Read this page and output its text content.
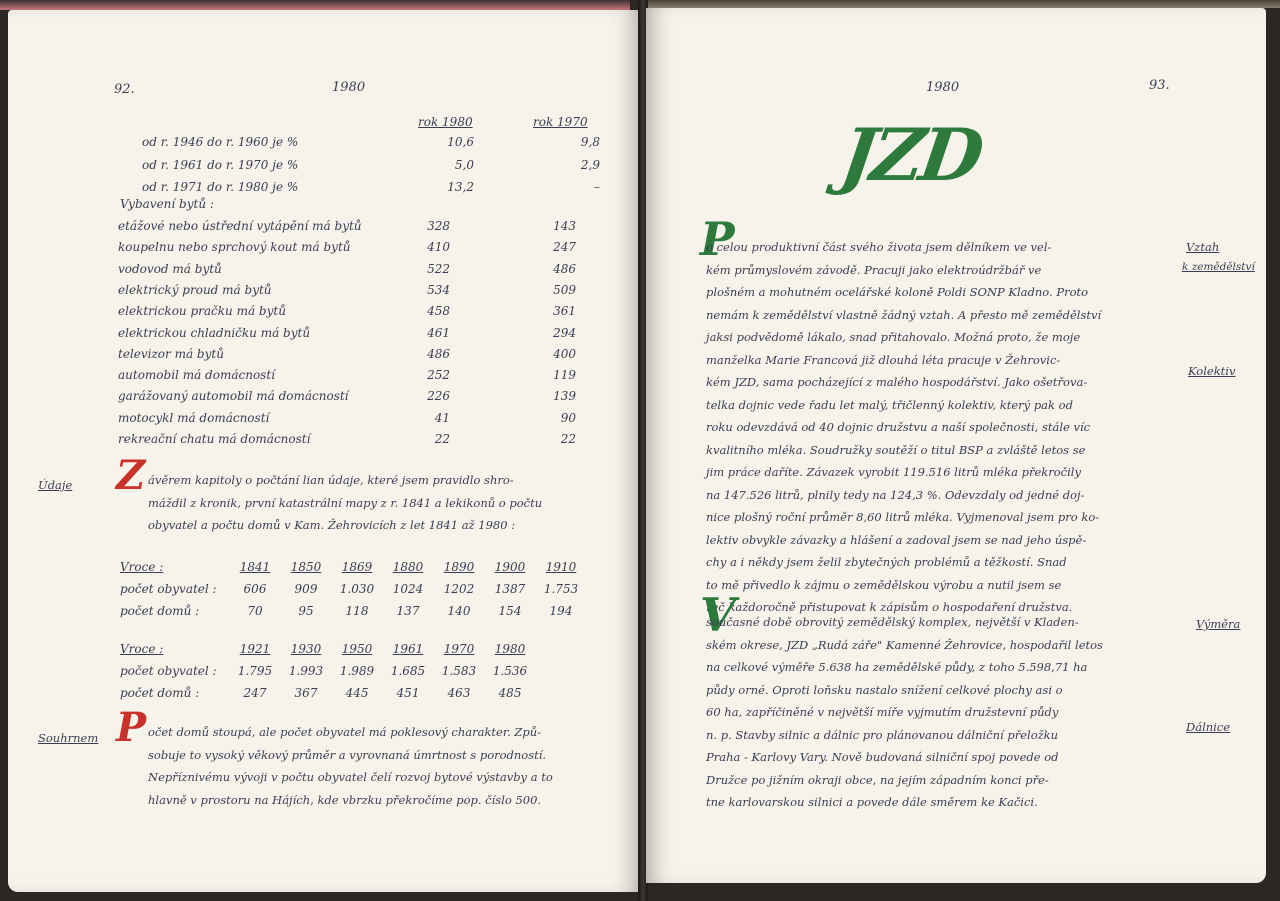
92.	1980
rok 1980	rok 1970
od r. 1946 do r. 1960 je %	10,6	9,8
od r. 1961 do r. 1970 je %	5,0	2,9
od r. 1971 do r. 1980 je %	13,2	–
Vybavení bytů :
etážové nebo ústřední vytápění má bytů	328	143
koupelnu nebo sprchový kout má bytů	410	247
vodovod má bytů	522	486
elektrický proud má bytů	534	509
elektrickou pračku má bytů	458	361
elektrickou chladničku má bytů	461	294
televizor má bytů	486	400
automobil má domácností	252	119
garážovaný automobil má domácností	226	139
motocykl má domácností	41	90
rekreační chatu má domácností	22	22
Údaje Z ávěrem kapitoly o počtání lian údaje, které jsem pravidlo shro-
máždil z kronik, první katastrální mapy z r. 1841 a lekikonů o počtu
obyvatel a počtu domů v Kam. Žehrovicích z let 1841 až 1980 :
Vroce :	1841	1850	1869	1880	1890	1900	1910
počet obyvatel :	606	909	1.030	1024	1202	1387	1.753
počet domů :	70	95	118	137	140	154	194
Vroce :	1921	1930	1950	1961	1970	1980
počet obyvatel :	1.795	1.993	1.989	1.685	1.583	1.536
počet domů :	247	367	445	451	463	485
Souhrnem P očet domů stoupá, ale počet obyvatel má poklesový charakter. Způ-
sobuje to vysoký věkový průměr a vyrovnaná úmrtnost s porodností.
Nepříznivému vývoji v počtu obyvatel čelí rozvoj bytové výstavby a to
hlavně v prostoru na Hájích, kde vbrzku překročíme pop. číslo 500.
1980	93.
JZD
Vztah
k zemědělství
Kolektiv
Výměra
Dálnice
P
o celou produktivní část svého života jsem dělníkem ve vel-
kém průmyslovém závodě. Pracuji jako elektroúdržbář ve
plošném a mohutném ocelářské koloně Poldi SONP Kladno. Proto
nemám k zemědělství vlastně žádný vztah. A přesto mě zemědělství
jaksi podvědomě lákalo, snad přitahovalo. Možná proto, že moje
manželka Marie Francová již dlouhá léta pracuje v Žehrovic-
kém JZD, sama pocházející z malého hospodářství. Jako ošetřova-
telka dojnic vede řadu let malý, třičlenný kolektiv, který pak od
roku odevzdává od 40 dojnic družstvu a naší společnosti, stále víc
kvalitního mléka. Soudružky soutěží o titul BSP a zvláště letos se
jim práce daříte. Závazek vyrobit 119.516 litrů mléka překročily
na 147.526 litrů, plnily tedy na 124,3 %. Odevzdaly od jedné doj-
nice plošný roční průměr 8,60 litrů mléka. Vyjmenoval jsem pro ko-
lektiv obvykle závazky a hlášení a zadoval jsem se nad jeho úspě-
chy a i někdy jsem želil zbytečných problémů a těžkostí. Snad
to mě přivedlo k zájmu o zemědělskou výrobu a nutil jsem se
řeč každoročně přistupovat k zápisům o hospodaření družstva.
V
současné době obrovitý zemědělský komplex, největší v Kladen-
ském okrese, JZD „Rudá záře" Kamenné Žehrovice, hospodařil letos
na celkové výměře 5.638 ha zemědělské půdy, z toho 5.598,71 ha
půdy orné. Oproti loňsku nastalo snížení celkové plochy asi o
60 ha, zapříčiněné v největší míře vyjmutím družstevní půdy
n. p. Stavby silnic a dálnic pro plánovanou dálniční přeložku
Praha - Karlovy Vary. Nově budovaná silniční spoj povede od
Družce po jižním okraji obce, na jejím západním konci pře-
tne karlovarskou silnici a povede dále směrem ke Kačici.
